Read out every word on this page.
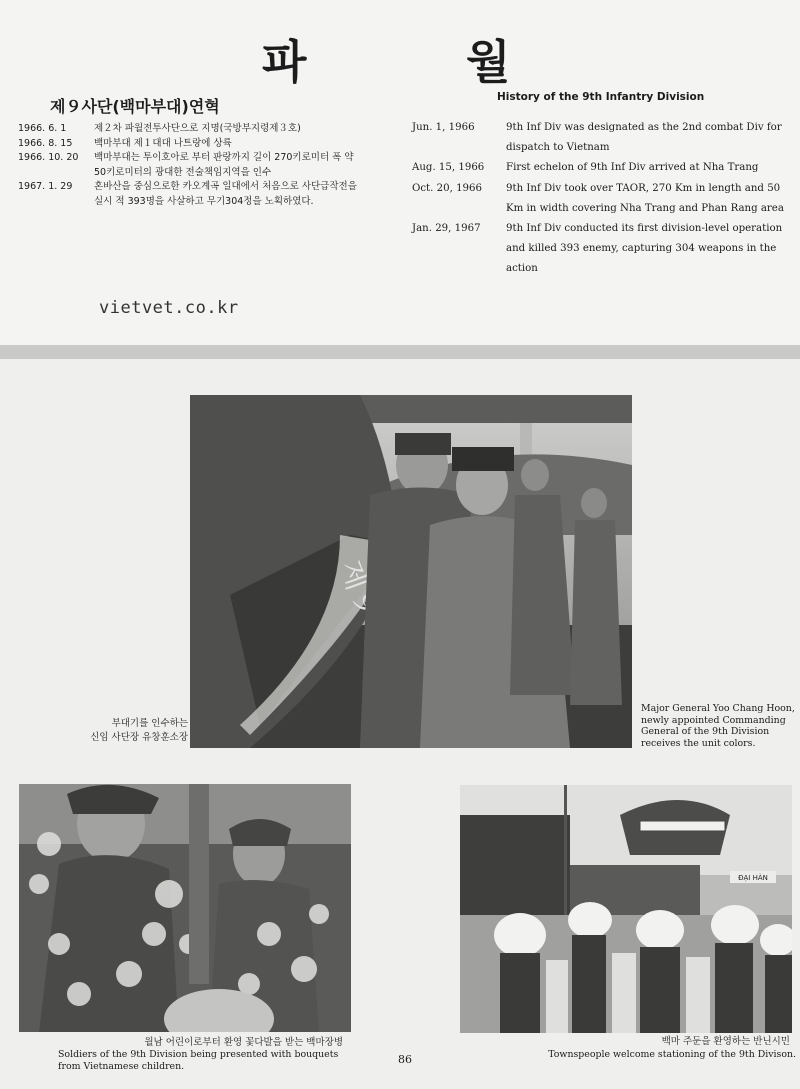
파	월
제９사단(백마부대)연혁	History of the 9th Infantry Division
1966. 6. 1	제２차 파월전투사단으로 지명(국방부지령제３호)
1966. 8. 15	백마부대 제１대대 나트랑에 상륙
1966. 10. 20	백마부대는 투이호아로 부터 판랑까지 길이 270키로미터 폭 약 50키로미터의 광대한 전술책임지역을 인수
1967. 1. 29	혼바산을 중심으로한 카오계곡 일대에서 처음으로 사단급작전을 실시 적 393명을 사살하고 무기304정을 노획하였다.
Jun. 1, 1966	9th Inf Div was designated as the 2nd combat Div for dispatch to Vietnam
Aug. 15, 1966	First echelon of 9th Inf Div arrived at Nha Trang
Oct. 20, 1966	9th Inf Div took over TAOR, 270 Km in length and 50 Km in width covering Nha Trang and Phan Rang area
Jan. 29, 1967	9th Inf Div conducted its first division-level operation and killed 393 enemy, capturing 304 weapons in the action
vietvet.co.kr
부대기를 인수하는
신임 사단장 유창훈소장
Major General Yoo Chang Hoon, newly appointed Commanding General of the 9th Division receives the unit colors.
월남 어린이로부터 환영 꽃다발을 받는 백마장병
Soldiers of the 9th Division being presented with bouquets from Vietnamese children.
ĐẠI HÀN
백마 주둔을 환영하는 반닌시민
Townspeople welcome stationing of the 9th Divison.
86
